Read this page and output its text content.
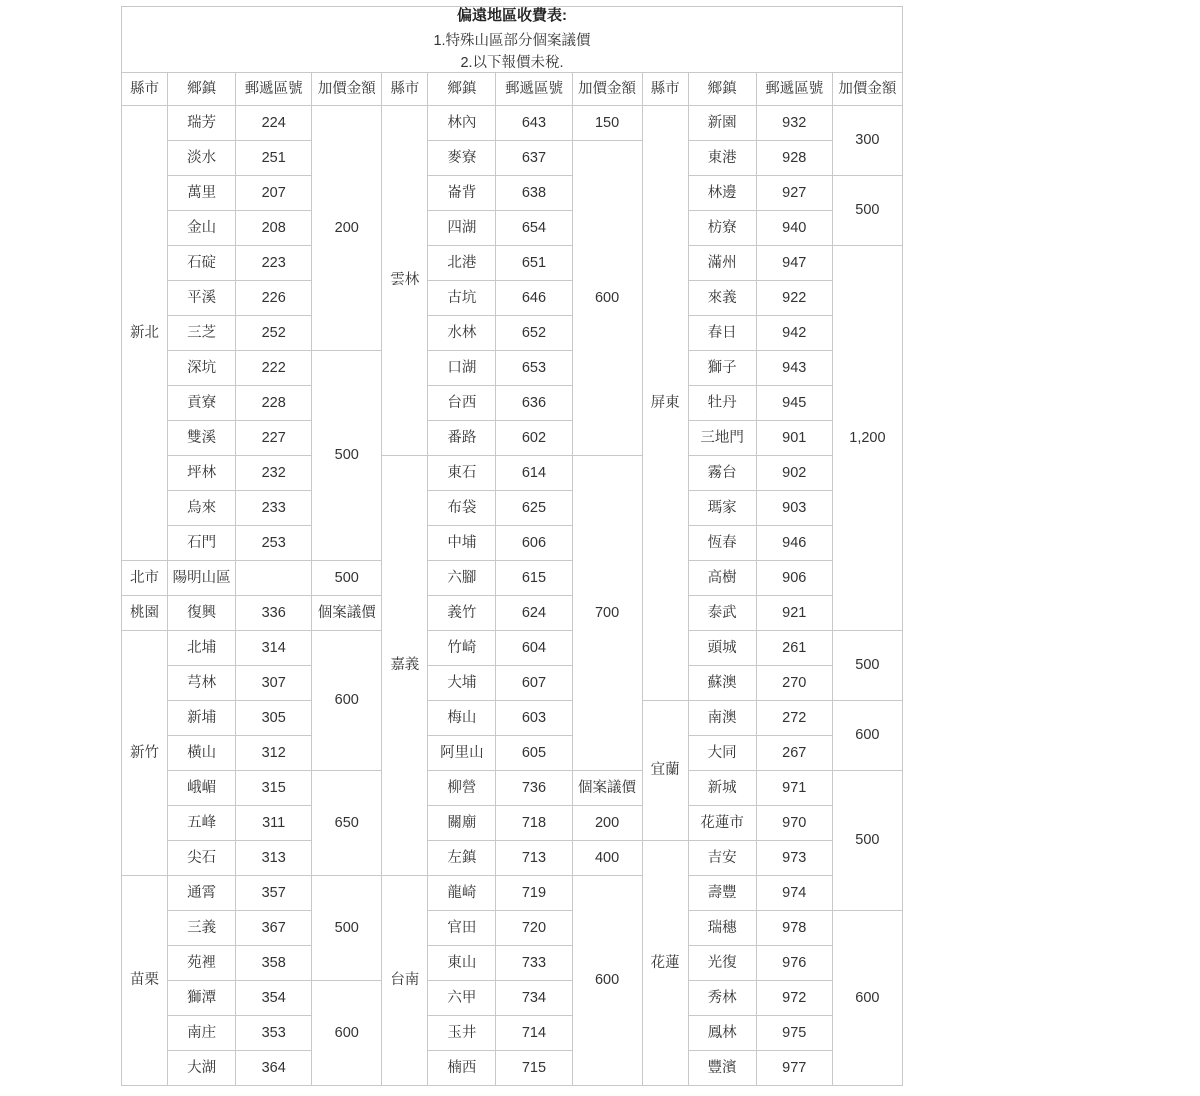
偏遠地區收費表:
1.特殊山區部分個案議價
2.以下報價未稅.											

縣市	鄉鎮	郵遞區號	加價金額	縣市	鄉鎮	郵遞區號	加價金額	縣市	鄉鎮	郵遞區號	加價金額
新北	瑞芳	224	200	雲林	林內	643	150	屏東	新園	932	300
	淡水	251			麥寮	637	600		東港	928	
	萬里	207			崙背	638			林邊	927	500
	金山	208			四湖	654			枋寮	940	
	石碇	223			北港	651			滿州	947	1,200
	平溪	226			古坑	646			來義	922	
	三芝	252			水林	652			春日	942	
	深坑	222	500		口湖	653			獅子	943	
	貢寮	228			台西	636			牡丹	945	
	雙溪	227			番路	602			三地門	901	
	坪林	232		嘉義	東石	614	700		霧台	902	
	烏來	233			布袋	625			瑪家	903	
	石門	253			中埔	606			恆春	946	
北市	陽明山區		500		六腳	615			高樹	906	
桃園	復興	336	個案議價		義竹	624			泰武	921	
新竹	北埔	314	600		竹崎	604			頭城	261	500
	芎林	307			大埔	607			蘇澳	270	
	新埔	305			梅山	603		宜蘭	南澳	272	600
	橫山	312			阿里山	605			大同	267	
	峨嵋	315	650		柳營	736	個案議價		新城	971	500
	五峰	311			關廟	718	200		花蓮市	970	
	尖石	313			左鎮	713	400	花蓮	吉安	973	
苗栗	通霄	357	500	台南	龍崎	719	600		壽豐	974	
	三義	367			官田	720			瑞穗	978	600
	苑裡	358			東山	733			光復	976	
	獅潭	354	600		六甲	734			秀林	972	
	南庄	353			玉井	714			鳳林	975	
	大湖	364			楠西	715			豐濱	977	
